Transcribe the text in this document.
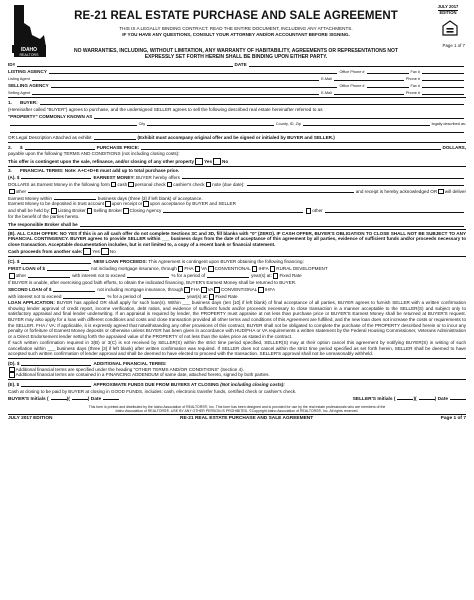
IDAHO
REALTORS
RE-21 REAL ESTATE PURCHASE AND SALE AGREEMENT
THIS IS A LEGALLY BINDING CONTRACT. READ THE ENTIRE DOCUMENT, INCLUDING ANY ATTACHMENTS.
IF YOU HAVE ANY QUESTIONS, CONSULT YOUR ATTORNEY AND/OR ACCOUNTANT BEFORE SIGNING.
JULY 2017
EDITION
Page 1 of 7
NO WARRANTIES, INCLUDING, WITHOUT LIMITATION, ANY WARRANTY OF HABITABILITY, AGREEMENTS OR REPRESENTATIONS NOT EXPRESSLY SET FORTH HEREIN SHALL BE BINDING UPON EITHER PARTY.
ID#	DATE
LISTING AGENCY	Office Phone #	Fax #
Listing Agent	E-Mail	Phone #
SELLING AGENCY	Office Phone #	Fax #
Selling Agent	E-Mail	Phone #
1.	BUYER:

(Hereinafter called "BUYER") agrees to purchase, and the undersigned SELLER agrees to sell the following described real estate hereinafter referred to as

"PROPERTY" COMMONLY KNOWN AS
City	County, ID, Zip	legally described as:
OR Legal Description Attached as exhibit	(Exhibit must accompany original offer and be signed or initialed by BUYER and SELLER.)
2.	$	PURCHASE PRICE:	DOLLARS,

payable upon the following TERMS AND CONDITIONS (not including closing costs):

This offer is contingent upon the sale, refinance, and/or closing of any other property Yes No
3.	FINANCIAL TERMS:
Note: A+C+D+E must add up to total purchase price.
(A). $	EARNEST MONEY:
BUYER hereby offers
DOLLARS as Earnest Money in the following form cash personal check cashier's check note (due date):
other	and receipt is hereby acknowledged OR will deliver
Earnest Money within	business days (three [3] if left blank) of acceptance.
Earnest Money to be deposited in trust account upon receipt or upon acceptance by BUYER and SELLER
and shall be held by: Listing Broker Selling Broker Closing Agency	other

for the benefit of the parties hereto.

The responsible Broker shall be

(B). ALL CASH OFFER: NO YES If this is an all cash offer do not complete Sections 3C and 3D, fill blanks with "0" (ZERO). IF CASH OFFER, BUYER'S OBLIGATION TO CLOSE SHALL NOT BE SUBJECT TO ANY FINANCIAL CONTINGENCY. BUYER agrees to provide SELLER within ___ business days from the date of acceptance of this agreement by all parties, evidence of sufficient funds and/or proceeds necessary to close transaction. Acceptable documentation includes, but is not limited to, a copy of a recent bank or financial statement.

Cash proceeds from another sale: Yes No
(C). $	NEW LOAN PROCEEDS:
This Agreement is contingent upon BUYER obtaining the following financing:
FIRST LOAN of $	not including mortgage insurance, through FHA VA CONVENTIONAL IHFA RURAL DEVELOPMENT
other	with interest not to exceed	% for a period of	year(s) at: Fixed Rate

If BUYER is unable, after exercising good faith efforts, to obtain the indicated financing, BUYER's Earnest Money shall be returned to BUYER.

SECOND LOAN of $	not including mortgage insurance, through FHA VA CONVENTIONAL IHFA
with interest not to exceed	% for a period of	year(s) at: Fixed Rate

LOAN APPLICATION: BUYER has applied OR shall apply for such loan(s). Within ___ business days (ten [10] if left blank) of final acceptance of all parties, BUYER agrees to furnish SELLER with a written confirmation showing lender approval of credit report, income verification, debt ratios, and evidence of sufficient funds and/or proceeds necessary to close transaction in a manner acceptable to the SELLER(S) and subject only to satisfactory appraisal and final lender underwriting. If an appraisal is required by lender, the PROPERTY must appraise at not less than purchase price or BUYER'S Earnest Money shall be returned at BUYER'S request. BUYER may also apply for a loan with different conditions and costs and close transaction provided all other terms and conditions of this Agreement are fulfilled, and the new loan does not increase the costs or requirements to the SELLER. FHA / VA: If applicable, it is expressly agreed that notwithstanding any other provisions of this contract, BUYER shall not be obligated to complete the purchase of the PROPERTY described herein or to incur any penalty or forfeiture of Earnest Money deposits or otherwise unless BUYER has been given in accordance with HUD/FHA or VA requirements a written statement by the Federal Housing Commissioner, Veterans Administration or a Direct Endorsement lender setting forth the appraised value of the PROPERTY of not less than the sales price as stated in the contract.

If such written confirmation required in 3(B) or 3(C) is not received by SELLER(S) within the strict time period specified, SELLER(S) may at their option cancel this agreement by notifying BUYER(S) in writing of such cancellation within ___ business days (three [3] if left blank) after written confirmation was required. If SELLER does not cancel within the strict time period specified as set forth herein, SELLER shall be deemed to have accepted such written confirmation of lender approval and shall be deemed to have elected to proceed with the transaction. SELLER'S approval shall not be unreasonably withheld.

(D). $	ADDITIONAL FINANCIAL TERMS:
Additional financial terms are specified under the heading "OTHER TERMS AND/OR CONDITIONS" (Section 4).
Additional financial terms are contained in a FINANCING ADDENDUM of same date, attached hereto, signed by both parties.
(E). $	APPROXIMATE FUNDS DUE FROM BUYERS AT CLOSING
(Not including closing costs):

Cash at closing to be paid by BUYER at closing in GOOD FUNDS, includes: cash, electronic transfer funds, certified check or cashier's check.

BUYER'S Initials (	)(	) Date	SELLER'S Initials (	)(	) Date
This form is printed and distributed by the Idaho Association of REALTORS®, Inc. This form has been designed and is provided for use by the real estate professionals who are members of the
Idaho Association of REALTORS®. USE BY ANY OTHER PERSON IS PROHIBITED. ©Copyright Idaho Association of REALTORS®, Inc. All rights reserved.
JULY 2017 EDITION	RE-21 REAL ESTATE PURCHASE AND SALE AGREEMENT	Page 1 of 7
